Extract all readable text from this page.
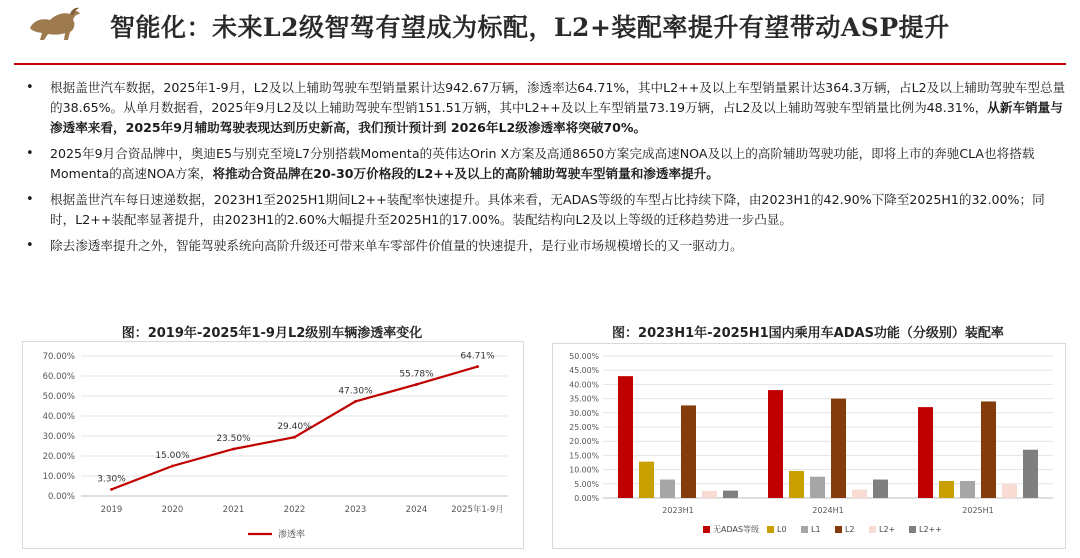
智能化：未来L2级智驾有望成为标配，L2+装配率提升有望带动ASP提升
• 根据盖世汽车数据，2025年1-9月，L2及以上辅助驾驶车型销量累计达942.67万辆，渗透率达64.71%，其中L2++及以上车型销量累计达364.3万辆，占L2及以上辅助驾驶车型总量的38.65%。从单月数据看，2025年9月L2及以上辅助驾驶车型销151.51万辆，其中L2++及以上车型销量73.19万辆，占L2及以上辅助驾驶车型销量比例为48.31%，从新车销量与渗透率来看，2025年9月辅助驾驶表现达到历史新高，我们预计预计到 2026年L2级渗透率将突破70%。
• 2025年9月合资品牌中，奥迪E5与别克至境L7分别搭载Momenta的英伟达Orin X方案及高通8650方案完成高速NOA及以上的高阶辅助驾驶功能，即将上市的奔驰CLA也将搭载Momenta的高速NOA方案，将推动合资品牌在20-30万价格段的L2++及以上的高阶辅助驾驶车型销量和渗透率提升。
• 根据盖世汽车每日速递数据，2023H1至2025H1期间L2++装配率快速提升。具体来看，无ADAS等级的车型占比持续下降，由2023H1的42.90%下降至2025H1的32.00%；同时，L2++装配率显著提升，由2023H1的2.60%大幅提升至2025H1的17.00%。装配结构向L2及以上等级的迁移趋势进一步凸显。
• 除去渗透率提升之外，智能驾驶系统向高阶升级还可带来单车零部件价值量的快速提升，是行业市场规模增长的又一驱动力。
图：2019年-2025年1-9月L2级别车辆渗透率变化
0.00%
10.00%
20.00%
30.00%
40.00%
50.00%
60.00%
70.00%
2019	2020	2021	2022	2023	2024	2025年1-9月
3.30%
15.00%
23.50%
29.40%
47.30%
55.78%
64.71%
渗透率
图：2023H1年-2025H1国内乘用车ADAS功能（分级别）装配率
0.00%
5.00%
10.00%
15.00%
20.00%
25.00%
30.00%
35.00%
40.00%
45.00%
50.00%
2023H1	2024H1	2025H1
无ADAS等级 L0	L1	L2	L2+	L2++
